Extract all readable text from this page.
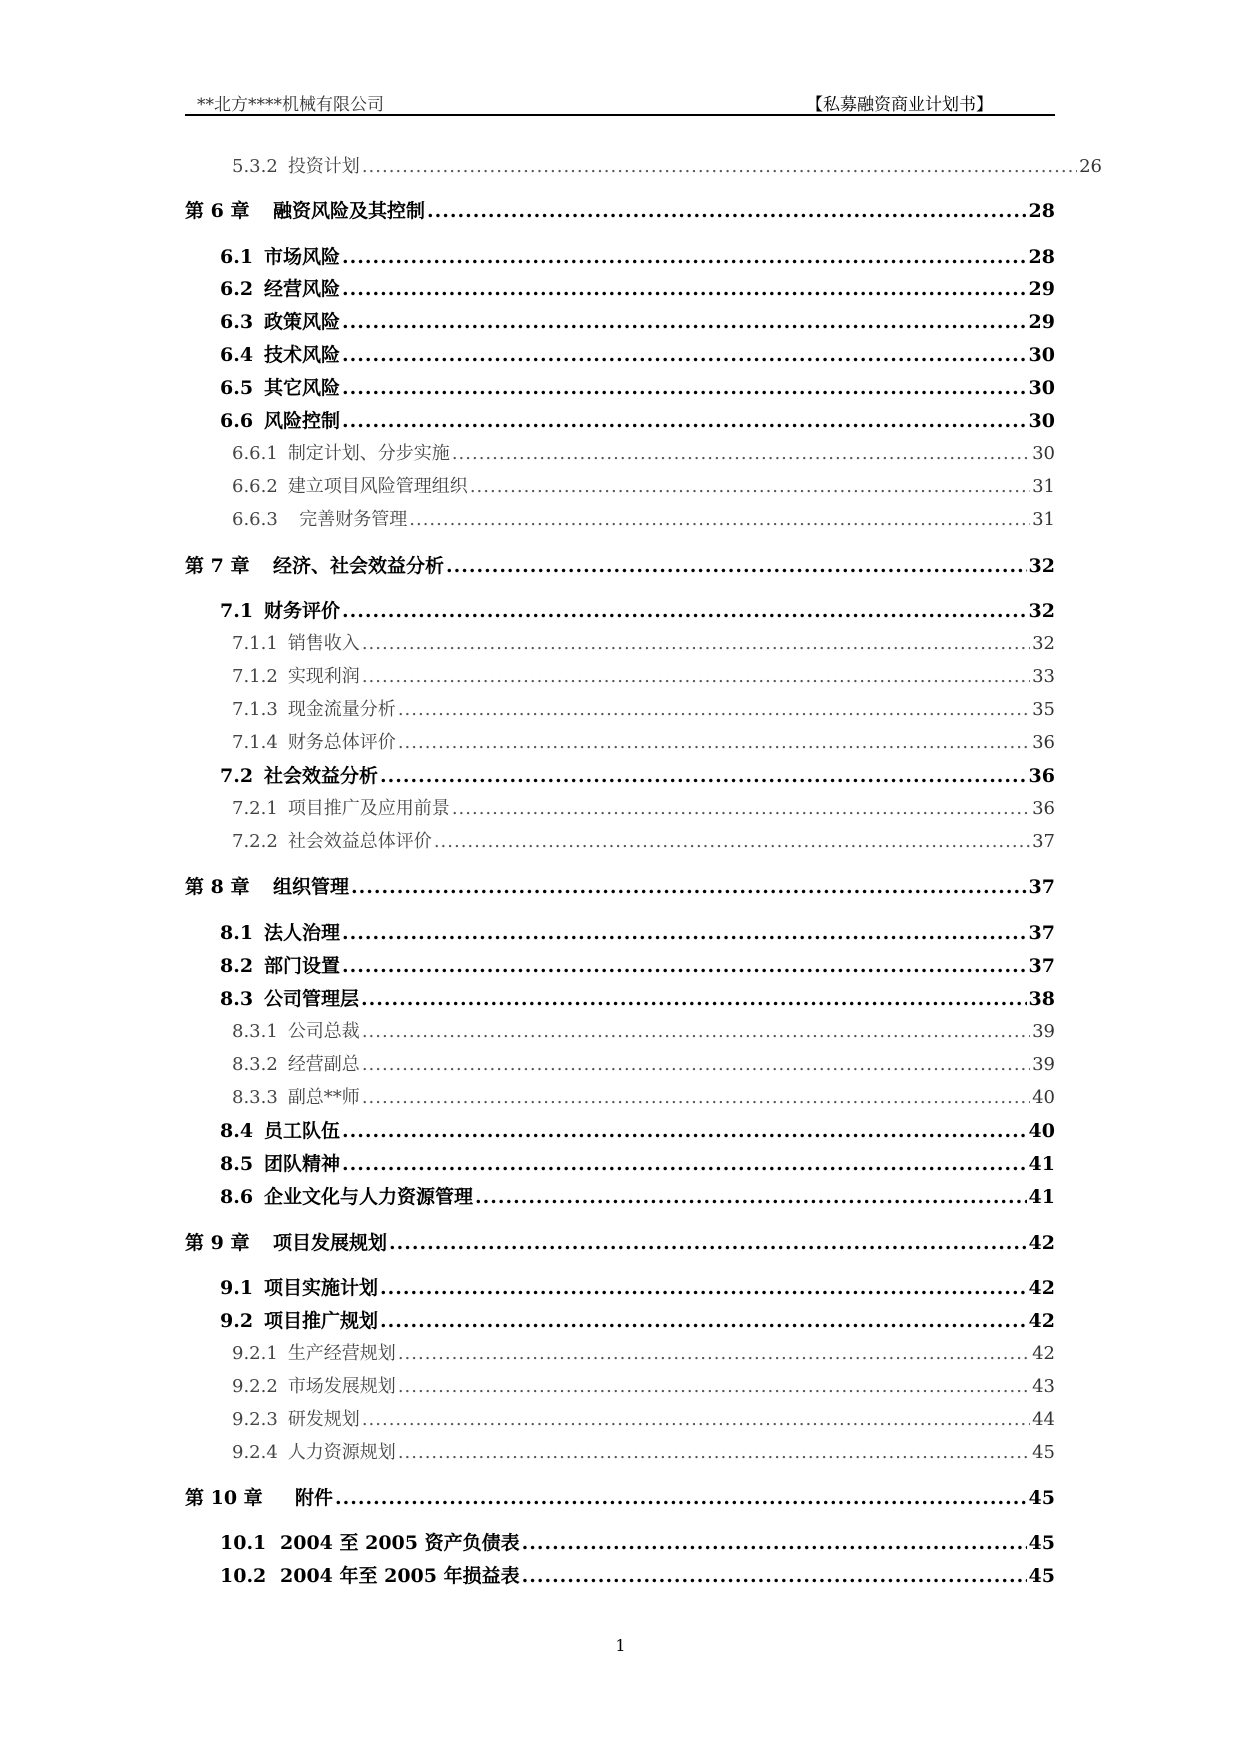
**北方****机械有限公司	【私募融资商业计划书】
5.3.2 投资计划 .....	26
第 6 章 融资风险及其控制 .....	28
6.1 市场风险 .....	28
6.2 经营风险 .....	29
6.3 政策风险 .....	29
6.4 技术风险 .....	30
6.5 其它风险 .....	30
6.6 风险控制 .....	30
6.6.1 制定计划、分步实施 .....	30
6.6.2 建立项目风险管理组织 .....	31
6.6.3  完善财务管理 .....	31
第 7 章 经济、社会效益分析 .....	32
7.1 财务评价 .....	32
7.1.1 销售收入 .....	32
7.1.2 实现利润 .....	33
7.1.3 现金流量分析 .....	35
7.1.4 财务总体评价 .....	36
7.2 社会效益分析 .....	36
7.2.1 项目推广及应用前景 .....	36
7.2.2 社会效益总体评价 .....	37
第 8 章 组织管理 .....	37
8.1 法人治理 .....	37
8.2 部门设置 .....	37
8.3 公司管理层 .....	38
8.3.1 公司总裁 .....	39
8.3.2 经营副总 .....	39
8.3.3 副总**师 .....	40
8.4 员工队伍 .....	40
8.5 团队精神 .....	41
8.6 企业文化与人力资源管理 .....	41
第 9 章 项目发展规划 .....	42
9.1 项目实施计划 .....	42
9.2 项目推广规划 .....	42
9.2.1 生产经营规划 .....	42
9.2.2 市场发展规划 .....	43
9.2.3 研发规划 .....	44
9.2.4 人力资源规划 .....	45
第 10 章 附件 .....	45
10.1 2004 至 2005 资产负债表 .....	45
10.2 2004 年至 2005 年损益表 .....	45
1
